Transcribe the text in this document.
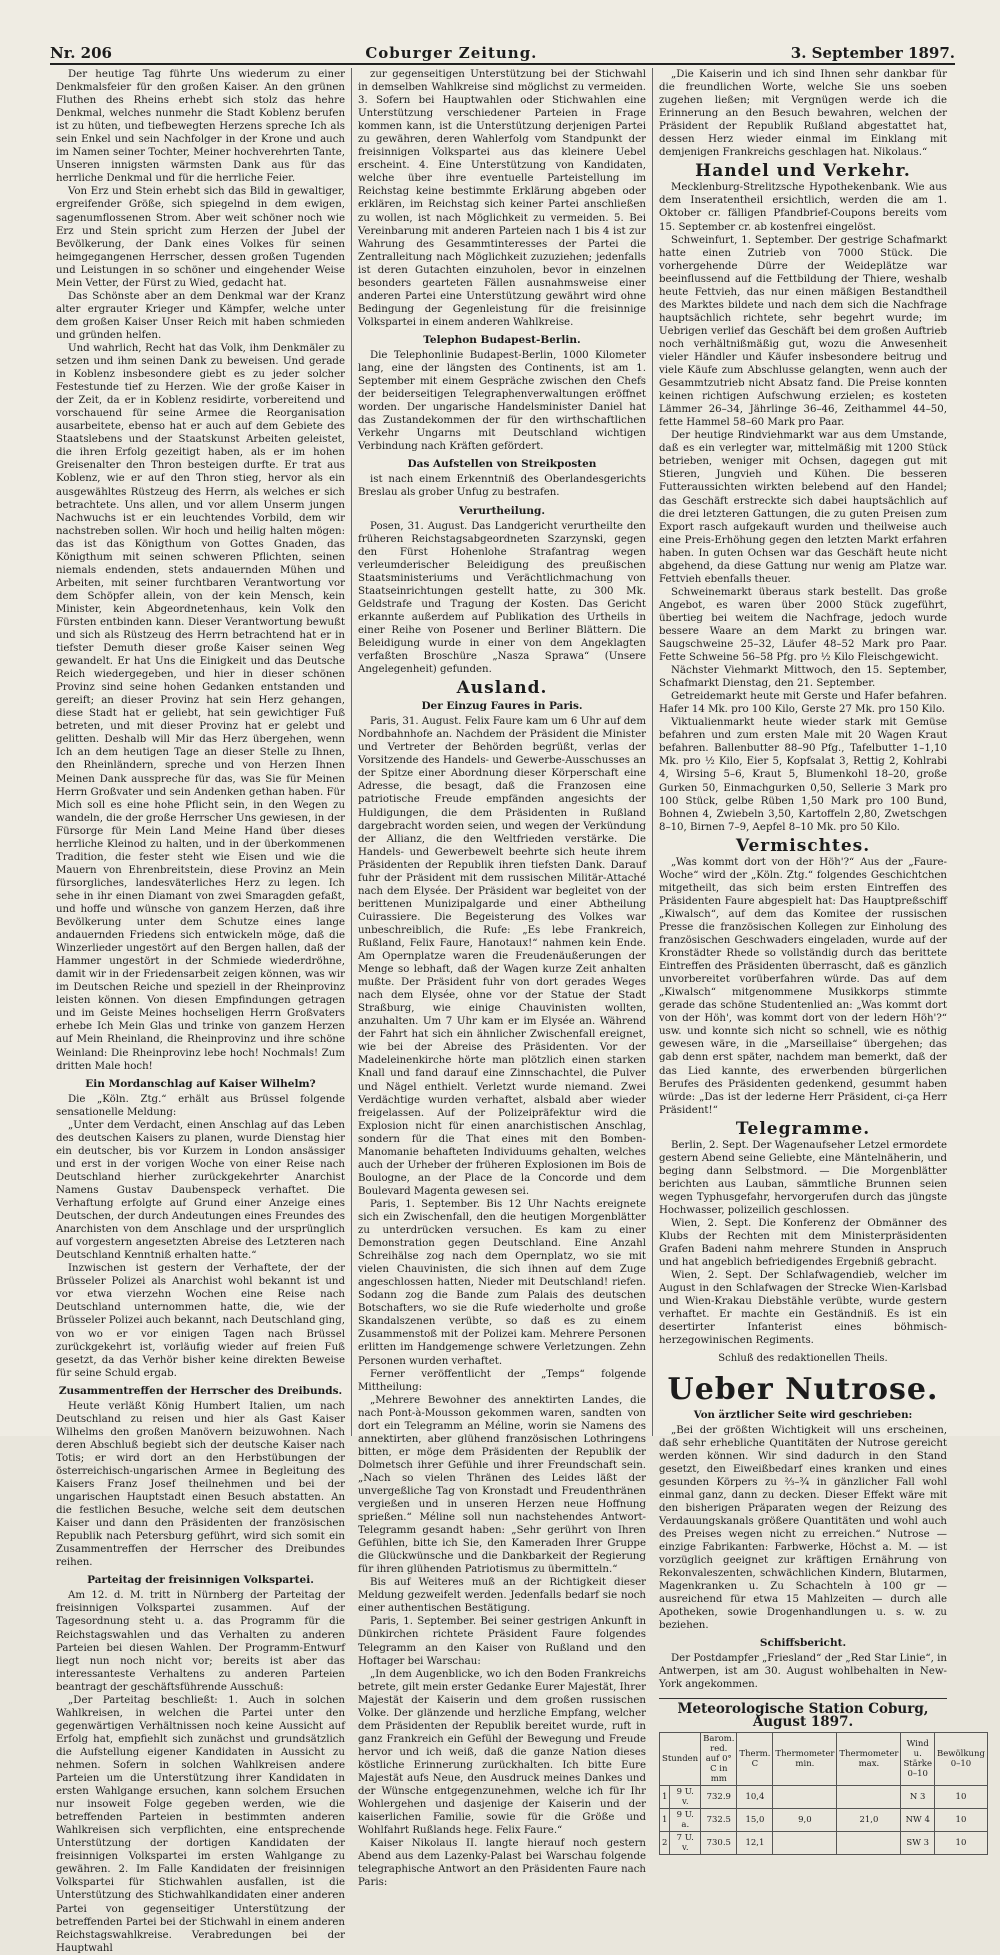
Nr. 206	Coburger Zeitung.	3. September 1897.

Der heutige Tag führte Uns wiederum zu einer Denkmalsfeier für den großen Kaiser. An den grünen Fluthen des Rheins erhebt sich stolz das hehre Denkmal, welches nunmehr die Stadt Koblenz berufen ist zu hüten, und tiefbewegten Herzens spreche Ich als sein Enkel und sein Nachfolger in der Krone und auch im Namen seiner Tochter, Meiner hochverehrten Tante, Unseren innigsten wärmsten Dank aus für das herrliche Denkmal und für die herrliche Feier.

Von Erz und Stein erhebt sich das Bild in gewaltiger, ergreifender Größe, sich spiegelnd in dem ewigen, sagenumflossenen Strom. Aber weit schöner noch wie Erz und Stein spricht zum Herzen der Jubel der Bevölkerung, der Dank eines Volkes für seinen heimgegangenen Herrscher, dessen großen Tugenden und Leistungen in so schöner und eingehender Weise Mein Vetter, der Fürst zu Wied, gedacht hat.

Das Schönste aber an dem Denkmal war der Kranz alter ergrauter Krieger und Kämpfer, welche unter dem großen Kaiser Unser Reich mit haben schmieden und gründen helfen.

Und wahrlich, Recht hat das Volk, ihm Denkmäler zu setzen und ihm seinen Dank zu beweisen. Und gerade in Koblenz insbesondere giebt es zu jeder solcher Festestunde tief zu Herzen. Wie der große Kaiser in der Zeit, da er in Koblenz residirte, vorbereitend und vorschauend für seine Armee die Reorganisation ausarbeitete, ebenso hat er auch auf dem Gebiete des Staatslebens und der Staatskunst Arbeiten geleistet, die ihren Erfolg gezeitigt haben, als er im hohen Greisenalter den Thron besteigen durfte. Er trat aus Koblenz, wie er auf den Thron stieg, hervor als ein ausgewähltes Rüstzeug des Herrn, als welches er sich betrachtete. Uns allen, und vor allem Unserm jungen Nachwuchs ist er ein leuchtendes Vorbild, dem wir nachstreben sollen. Wir hoch und heilig halten mögen: das ist das Königthum von Gottes Gnaden, das Königthum mit seinen schweren Pflichten, seinen niemals endenden, stets andauernden Mühen und Arbeiten, mit seiner furchtbaren Verantwortung vor dem Schöpfer allein, von der kein Mensch, kein Minister, kein Abgeordnetenhaus, kein Volk den Fürsten entbinden kann. Dieser Verantwortung bewußt und sich als Rüstzeug des Herrn betrachtend hat er in tiefster Demuth dieser große Kaiser seinen Weg gewandelt. Er hat Uns die Einigkeit und das Deutsche Reich wiedergegeben, und hier in dieser schönen Provinz sind seine hohen Gedanken entstanden und gereift; an dieser Provinz hat sein Herz gehangen, diese Stadt hat er geliebt, hat sein gewichtiger Fuß betreten, und mit dieser Provinz hat er gelebt und gelitten. Deshalb will Mir das Herz übergehen, wenn Ich an dem heutigen Tage an dieser Stelle zu Ihnen, den Rheinländern, spreche und von Herzen Ihnen Meinen Dank ausspreche für das, was Sie für Meinen Herrn Großvater und sein Andenken gethan haben. Für Mich soll es eine hohe Pflicht sein, in den Wegen zu wandeln, die der große Herrscher Uns gewiesen, in der Fürsorge für Mein Land Meine Hand über dieses herrliche Kleinod zu halten, und in der überkommenen Tradition, die fester steht wie Eisen und wie die Mauern von Ehrenbreitstein, diese Provinz an Mein fürsorgliches, landesväterliches Herz zu legen. Ich sehe in ihr einen Diamant von zwei Smaragden gefaßt, und hoffe und wünsche von ganzem Herzen, daß ihre Bevölkerung unter dem Schutze eines lange andauernden Friedens sich entwickeln möge, daß die Winzerlieder ungestört auf den Bergen hallen, daß der Hammer ungestört in der Schmiede wiederdröhne, damit wir in der Friedensarbeit zeigen können, was wir im Deutschen Reiche und speziell in der Rheinprovinz leisten können. Von diesen Empfindungen getragen und im Geiste Meines hochseligen Herrn Großvaters erhebe Ich Mein Glas und trinke von ganzem Herzen auf Mein Rheinland, die Rheinprovinz und ihre schöne Weinland: Die Rheinprovinz lebe hoch! Nochmals! Zum dritten Male hoch!

Ein Mordanschlag auf Kaiser Wilhelm?

Die „Köln. Ztg.“ erhält aus Brüssel folgende sensationelle Meldung:

„Unter dem Verdacht, einen Anschlag auf das Leben des deutschen Kaisers zu planen, wurde Dienstag hier ein deutscher, bis vor Kurzem in London ansässiger und erst in der vorigen Woche von einer Reise nach Deutschland hierher zurückgekehrter Anarchist Namens Gustav Daubenspeck verhaftet. Die Verhaftung erfolgte auf Grund einer Anzeige eines Deutschen, der durch Andeutungen eines Freundes des Anarchisten von dem Anschlage und der ursprünglich auf vorgestern angesetzten Abreise des Letzteren nach Deutschland Kenntniß erhalten hatte.“

Inzwischen ist gestern der Verhaftete, der der Brüsseler Polizei als Anarchist wohl bekannt ist und vor etwa vierzehn Wochen eine Reise nach Deutschland unternommen hatte, die, wie der Brüsseler Polizei auch bekannt, nach Deutschland ging, von wo er vor einigen Tagen nach Brüssel zurückgekehrt ist, vorläufig wieder auf freien Fuß gesetzt, da das Verhör bisher keine direkten Beweise für seine Schuld ergab.

Zusammentreffen der Herrscher des Dreibunds.

Heute verläßt König Humbert Italien, um nach Deutschland zu reisen und hier als Gast Kaiser Wilhelms den großen Manövern beizuwohnen. Nach deren Abschluß begiebt sich der deutsche Kaiser nach Totis; er wird dort an den Herbstübungen der österreichisch-ungarischen Armee in Begleitung des Kaisers Franz Josef theilnehmen und bei der ungarischen Hauptstadt einen Besuch abstatten. An die festlichen Besuche, welche seit dem deutschen Kaiser und dann den Präsidenten der französischen Republik nach Petersburg geführt, wird sich somit ein Zusammentreffen der Herrscher des Dreibundes reihen.

Parteitag der freisinnigen Volkspartei.

Am 12. d. M. tritt in Nürnberg der Parteitag der freisinnigen Volkspartei zusammen. Auf der Tagesordnung steht u. a. das Programm für die Reichstagswahlen und das Verhalten zu anderen Parteien bei diesen Wahlen. Der Programm-Entwurf liegt nun noch nicht vor; bereits ist aber das interessanteste Verhaltens zu anderen Parteien beantragt der geschäftsführende Ausschuß:

„Der Parteitag beschließt: 1. Auch in solchen Wahlkreisen, in welchen die Partei unter den gegenwärtigen Verhältnissen noch keine Aussicht auf Erfolg hat, empfiehlt sich zunächst und grundsätzlich die Aufstellung eigener Kandidaten in Aussicht zu nehmen. Sofern in solchen Wahlkreisen andere Parteien um die Unterstützung ihrer Kandidaten in ersten Wahlgange ersuchen, kann solchem Ersuchen nur insoweit Folge gegeben werden, wie die betreffenden Parteien in bestimmten anderen Wahlkreisen sich verpflichten, eine entsprechende Unterstützung der dortigen Kandidaten der freisinnigen Volkspartei im ersten Wahlgange zu gewähren. 2. Im Falle Kandidaten der freisinnigen Volkspartei für Stichwahlen ausfallen, ist die Unterstützung des Stichwahlkandidaten einer anderen Partei von gegenseitiger Unterstützung der betreffenden Partei bei der Stichwahl in einem anderen Reichstagswahlkreise. Verabredungen bei der Hauptwahl

zur gegenseitigen Unterstützung bei der Stichwahl in demselben Wahlkreise sind möglichst zu vermeiden. 3. Sofern bei Hauptwahlen oder Stichwahlen eine Unterstützung verschiedener Parteien in Frage kommen kann, ist die Unterstützung derjenigen Partei zu gewähren, deren Wahlerfolg vom Standpunkt der freisinnigen Volkspartei aus das kleinere Uebel erscheint. 4. Eine Unterstützung von Kandidaten, welche über ihre eventuelle Parteistellung im Reichstag keine bestimmte Erklärung abgeben oder erklären, im Reichstag sich keiner Partei anschließen zu wollen, ist nach Möglichkeit zu vermeiden. 5. Bei Vereinbarung mit anderen Parteien nach 1 bis 4 ist zur Wahrung des Gesammtinteresses der Partei die Zentralleitung nach Möglichkeit zuzuziehen; jedenfalls ist deren Gutachten einzuholen, bevor in einzelnen besonders gearteten Fällen ausnahmsweise einer anderen Partei eine Unterstützung gewährt wird ohne Bedingung der Gegenleistung für die freisinnige Volkspartei in einem anderen Wahlkreise.

Telephon Budapest-Berlin.

Die Telephonlinie Budapest-Berlin, 1000 Kilometer lang, eine der längsten des Continents, ist am 1. September mit einem Gespräche zwischen den Chefs der beiderseitigen Telegraphenverwaltungen eröffnet worden. Der ungarische Handelsminister Daniel hat das Zustandekommen der für den wirthschaftlichen Verkehr Ungarns mit Deutschland wichtigen Verbindung nach Kräften gefördert.

Das Aufstellen von Streikposten

ist nach einem Erkenntniß des Oberlandesgerichts Breslau als grober Unfug zu bestrafen.

Verurtheilung.

Posen, 31. August. Das Landgericht verurtheilte den früheren Reichstagsabgeordneten Szarzynski, gegen den Fürst Hohenlohe Strafantrag wegen verleumderischer Beleidigung des preußischen Staatsministeriums und Verächtlichmachung von Staatseinrichtungen gestellt hatte, zu 300 Mk. Geldstrafe und Tragung der Kosten. Das Gericht erkannte außerdem auf Publikation des Urtheils in einer Reihe von Posener und Berliner Blättern. Die Beleidigung wurde in einer von dem Angeklagten verfaßten Broschüre „Nasza Sprawa“ (Unsere Angelegenheit) gefunden.

Ausland.
Der Einzug Faures in Paris.

Paris, 31. August. Felix Faure kam um 6 Uhr auf dem Nordbahnhofe an. Nachdem der Präsident die Minister und Vertreter der Behörden begrüßt, verlas der Vorsitzende des Handels- und Gewerbe-Ausschusses an der Spitze einer Abordnung dieser Körperschaft eine Adresse, die besagt, daß die Franzosen eine patriotische Freude empfänden angesichts der Huldigungen, die dem Präsidenten in Rußland dargebracht worden seien, und wegen der Verkündung der Allianz, die den Weltfrieden verstärke. Die Handels- und Gewerbewelt beehrte sich heute ihrem Präsidenten der Republik ihren tiefsten Dank. Darauf fuhr der Präsident mit dem russischen Militär-Attaché nach dem Elysée. Der Präsident war begleitet von der berittenen Munizipalgarde und einer Abtheilung Cuirassiere. Die Begeisterung des Volkes war unbeschreiblich, die Rufe: „Es lebe Frankreich, Rußland, Felix Faure, Hanotaux!“ nahmen kein Ende. Am Opernplatze waren die Freudenäußerungen der Menge so lebhaft, daß der Wagen kurze Zeit anhalten mußte. Der Präsident fuhr von dort gerades Weges nach dem Elysée, ohne vor der Statue der Stadt Straßburg, wie einige Chauvinisten wollten, anzuhalten. Um 7 Uhr kam er im Elysée an. Während der Fahrt hat sich ein ähnlicher Zwischenfall ereignet, wie bei der Abreise des Präsidenten. Vor der Madeleinenkirche hörte man plötzlich einen starken Knall und fand darauf eine Zinnschachtel, die Pulver und Nägel enthielt. Verletzt wurde niemand. Zwei Verdächtige wurden verhaftet, alsbald aber wieder freigelassen. Auf der Polizeipräfektur wird die Explosion nicht für einen anarchistischen Anschlag, sondern für die That eines mit den Bomben-Manomanie behafteten Individuums gehalten, welches auch der Urheber der früheren Explosionen im Bois de Boulogne, an der Place de la Concorde und dem Boulevard Magenta gewesen sei.

Paris, 1. September. Bis 12 Uhr Nachts ereignete sich ein Zwischenfall, den die heutigen Morgenblätter zu unterdrücken versuchen. Es kam zu einer Demonstration gegen Deutschland. Eine Anzahl Schreihälse zog nach dem Opernplatz, wo sie mit vielen Chauvinisten, die sich ihnen auf dem Zuge angeschlossen hatten, Nieder mit Deutschland! riefen. Sodann zog die Bande zum Palais des deutschen Botschafters, wo sie die Rufe wiederholte und große Skandalszenen verübte, so daß es zu einem Zusammenstoß mit der Polizei kam. Mehrere Personen erlitten im Handgemenge schwere Verletzungen. Zehn Personen wurden verhaftet.

Ferner veröffentlicht der „Temps“ folgende Mittheilung:

„Mehrere Bewohner des annektirten Landes, die nach Pont-à-Mousson gekommen waren, sandten von dort ein Telegramm an Méline, worin sie Namens des annektirten, aber glühend französischen Lothringens bitten, er möge dem Präsidenten der Republik der Dolmetsch ihrer Gefühle und ihrer Freundschaft sein. „Nach so vielen Thränen des Leides läßt der unvergeßliche Tag von Kronstadt und Freudenthränen vergießen und in unseren Herzen neue Hoffnung sprießen.“ Méline soll nun nachstehendes Antwort-Telegramm gesandt haben: „Sehr gerührt von Ihren Gefühlen, bitte ich Sie, den Kameraden Ihrer Gruppe die Glückwünsche und die Dankbarkeit der Regierung für ihren glühenden Patriotismus zu übermitteln.“

Bis auf Weiteres muß an der Richtigkeit dieser Meldung gezweifelt werden. Jedenfalls bedarf sie noch einer authentischen Bestätigung.

Paris, 1. September. Bei seiner gestrigen Ankunft in Dünkirchen richtete Präsident Faure folgendes Telegramm an den Kaiser von Rußland und den Hoftager bei Warschau:

„In dem Augenblicke, wo ich den Boden Frankreichs betrete, gilt mein erster Gedanke Eurer Majestät, Ihrer Majestät der Kaiserin und dem großen russischen Volke. Der glänzende und herzliche Empfang, welcher dem Präsidenten der Republik bereitet wurde, ruft in ganz Frankreich ein Gefühl der Bewegung und Freude hervor und ich weiß, daß die ganze Nation dieses köstliche Erinnerung zurückhalten. Ich bitte Eure Majestät aufs Neue, den Ausdruck meines Dankes und der Wünsche entgegenzunehmen, welche ich für Ihr Wohlergehen und dasjenige der Kaiserin und der kaiserlichen Familie, sowie für die Größe und Wohlfahrt Rußlands hege. Felix Faure.“

Kaiser Nikolaus II. langte hierauf noch gestern Abend aus dem Lazenky-Palast bei Warschau folgende telegraphische Antwort an den Präsidenten Faure nach Paris:

„Die Kaiserin und ich sind Ihnen sehr dankbar für die freundlichen Worte, welche Sie uns soeben zugehen ließen; mit Vergnügen werde ich die Erinnerung an den Besuch bewahren, welchen der Präsident der Republik Rußland abgestattet hat, dessen Herz wieder einmal im Einklang mit demjenigen Frankreichs geschlagen hat. Nikolaus.“

Handel und Verkehr.

Mecklenburg-Strelitzsche Hypothekenbank. Wie aus dem Inseratentheil ersichtlich, werden die am 1. Oktober cr. fälligen Pfandbrief-Coupons bereits vom 15. September cr. ab kostenfrei eingelöst.

Schweinfurt, 1. September. Der gestrige Schafmarkt hatte einen Zutrieb von 7000 Stück. Die vorhergehende Dürre der Weideplätze war beeinflussend auf die Fettbildung der Thiere, weshalb heute Fettvieh, das nur einen mäßigen Bestandtheil des Marktes bildete und nach dem sich die Nachfrage hauptsächlich richtete, sehr begehrt wurde; im Uebrigen verlief das Geschäft bei dem großen Auftrieb noch verhältnißmäßig gut, wozu die Anwesenheit vieler Händler und Käufer insbesondere beitrug und viele Käufe zum Abschlusse gelangten, wenn auch der Gesammtzutrieb nicht Absatz fand. Die Preise konnten keinen richtigen Aufschwung erzielen; es kosteten Lämmer 26–34, Jährlinge 36–46, Zeithammel 44–50, fette Hammel 58–60 Mark pro Paar.

Der heutige Rindviehmarkt war aus dem Umstande, daß es ein verlegter war, mittelmäßig mit 1200 Stück betrieben, weniger mit Ochsen, dagegen gut mit Stieren, Jungvieh und Kühen. Die besseren Futteraussichten wirkten belebend auf den Handel; das Geschäft erstreckte sich dabei hauptsächlich auf die drei letzteren Gattungen, die zu guten Preisen zum Export rasch aufgekauft wurden und theilweise auch eine Preis-Erhöhung gegen den letzten Markt erfahren haben. In guten Ochsen war das Geschäft heute nicht abgehend, da diese Gattung nur wenig am Platze war. Fettvieh ebenfalls theuer.

Schweinemarkt überaus stark bestellt. Das große Angebot, es waren über 2000 Stück zugeführt, übertieg bei weitem die Nachfrage, jedoch wurde bessere Waare an dem Markt zu bringen war. Saugschweine 25–32, Läufer 48–52 Mark pro Paar. Fette Schweine 56–58 Pfg. pro ½ Kilo Fleischgewicht.

Nächster Viehmarkt Mittwoch, den 15. September, Schafmarkt Dienstag, den 21. September.

Getreidemarkt heute mit Gerste und Hafer befahren. Hafer 14 Mk. pro 100 Kilo, Gerste 27 Mk. pro 150 Kilo.

Viktualienmarkt heute wieder stark mit Gemüse befahren und zum ersten Male mit 20 Wagen Kraut befahren. Ballenbutter 88–90 Pfg., Tafelbutter 1–1,10 Mk. pro ½ Kilo, Eier 5, Kopfsalat 3, Rettig 2, Kohlrabi 4, Wirsing 5–6, Kraut 5, Blumenkohl 18–20, große Gurken 50, Einmachgurken 0,50, Sellerie 3 Mark pro 100 Stück, gelbe Rüben 1,50 Mark pro 100 Bund, Bohnen 4, Zwiebeln 3,50, Kartoffeln 2,80, Zwetschgen 8–10, Birnen 7–9, Aepfel 8–10 Mk. pro 50 Kilo.

Vermischtes.

„Was kommt dort von der Höh'?“ Aus der „Faure-Woche“ wird der „Köln. Ztg.“ folgendes Geschichtchen mitgetheilt, das sich beim ersten Eintreffen des Präsidenten Faure abgespielt hat: Das Hauptpreßschiff „Kiwalsch“, auf dem das Komitee der russischen Presse die französischen Kollegen zur Einholung des französischen Geschwaders eingeladen, wurde auf der Kronstädter Rhede so vollständig durch das berittete Eintreffen des Präsidenten überrascht, daß es gänzlich unvorbereitet vorüberfahren würde. Das auf dem „Kiwalsch“ mitgenommene Musikkorps stimmte gerade das schöne Studentenlied an: „Was kommt dort von der Höh', was kommt dort von der ledern Höh'?“ usw. und konnte sich nicht so schnell, wie es nöthig gewesen wäre, in die „Marseillaise“ übergehen; das gab denn erst später, nachdem man bemerkt, daß der das Lied kannte, des erwerbenden bürgerlichen Berufes des Präsidenten gedenkend, gesummt haben würde: „Das ist der lederne Herr Präsident, ci-ça Herr Präsident!“

Telegramme.

Berlin, 2. Sept. Der Wagenaufseher Letzel ermordete gestern Abend seine Geliebte, eine Mäntelnäherin, und beging dann Selbstmord. — Die Morgenblätter berichten aus Lauban, sämmtliche Brunnen seien wegen Typhusgefahr, hervorgerufen durch das jüngste Hochwasser, polizeilich geschlossen.

Wien, 2. Sept. Die Konferenz der Obmänner des Klubs der Rechten mit dem Ministerpräsidenten Grafen Badeni nahm mehrere Stunden in Anspruch und hat angeblich befriedigendes Ergebniß gebracht.

Wien, 2. Sept. Der Schlafwagendieb, welcher im August in den Schlafwagen der Strecke Wien-Karlsbad und Wien-Krakau Diebstähle verübte, wurde gestern verhaftet. Er machte ein Geständniß. Es ist ein desertirter Infanterist eines böhmisch-herzegowinischen Regiments.

Schluß des redaktionellen Theils.
Ueber Nutrose.
Von ärztlicher Seite wird geschrieben:

„Bei der größten Wichtigkeit will uns erscheinen, daß sehr erhebliche Quantitäten der Nutrose gereicht werden können. Wir sind dadurch in den Stand gesetzt, den Eiweißbedarf eines kranken und eines gesunden Körpers zu ⅔–¾ in gänzlicher Fall wohl einmal ganz, dann zu decken. Dieser Effekt wäre mit den bisherigen Präparaten wegen der Reizung des Verdauungskanals größere Quantitäten und wohl auch des Preises wegen nicht zu erreichen.“ Nutrose — einzige Fabrikanten: Farbwerke, Höchst a. M. — ist vorzüglich geeignet zur kräftigen Ernährung von Rekonvaleszenten, schwächlichen Kindern, Blutarmen, Magenkranken u. Zu Schachteln à 100 gr — ausreichend für etwa 15 Mahlzeiten — durch alle Apotheken, sowie Drogenhandlungen u. s. w. zu beziehen.

Schiffsbericht.

Der Postdampfer „Friesland“ der „Red Star Linie“, in Antwerpen, ist am 30. August wohlbehalten in New-York angekommen.

Meteorologische Station Coburg, August 1897.
Stunden		Barom. red. auf 0° C in mm	Therm. C	Thermometer min.	Thermometer max.	Wind u. Stärke 0–10	Bewölkung 0–10
1	9 U. v.	732.9	10,4			N 3	10
1	9 U. a.	732.5	15,0	9,0	21,0	NW 4	10
2	7 U. v.	730.5	12,1			SW 3	10
